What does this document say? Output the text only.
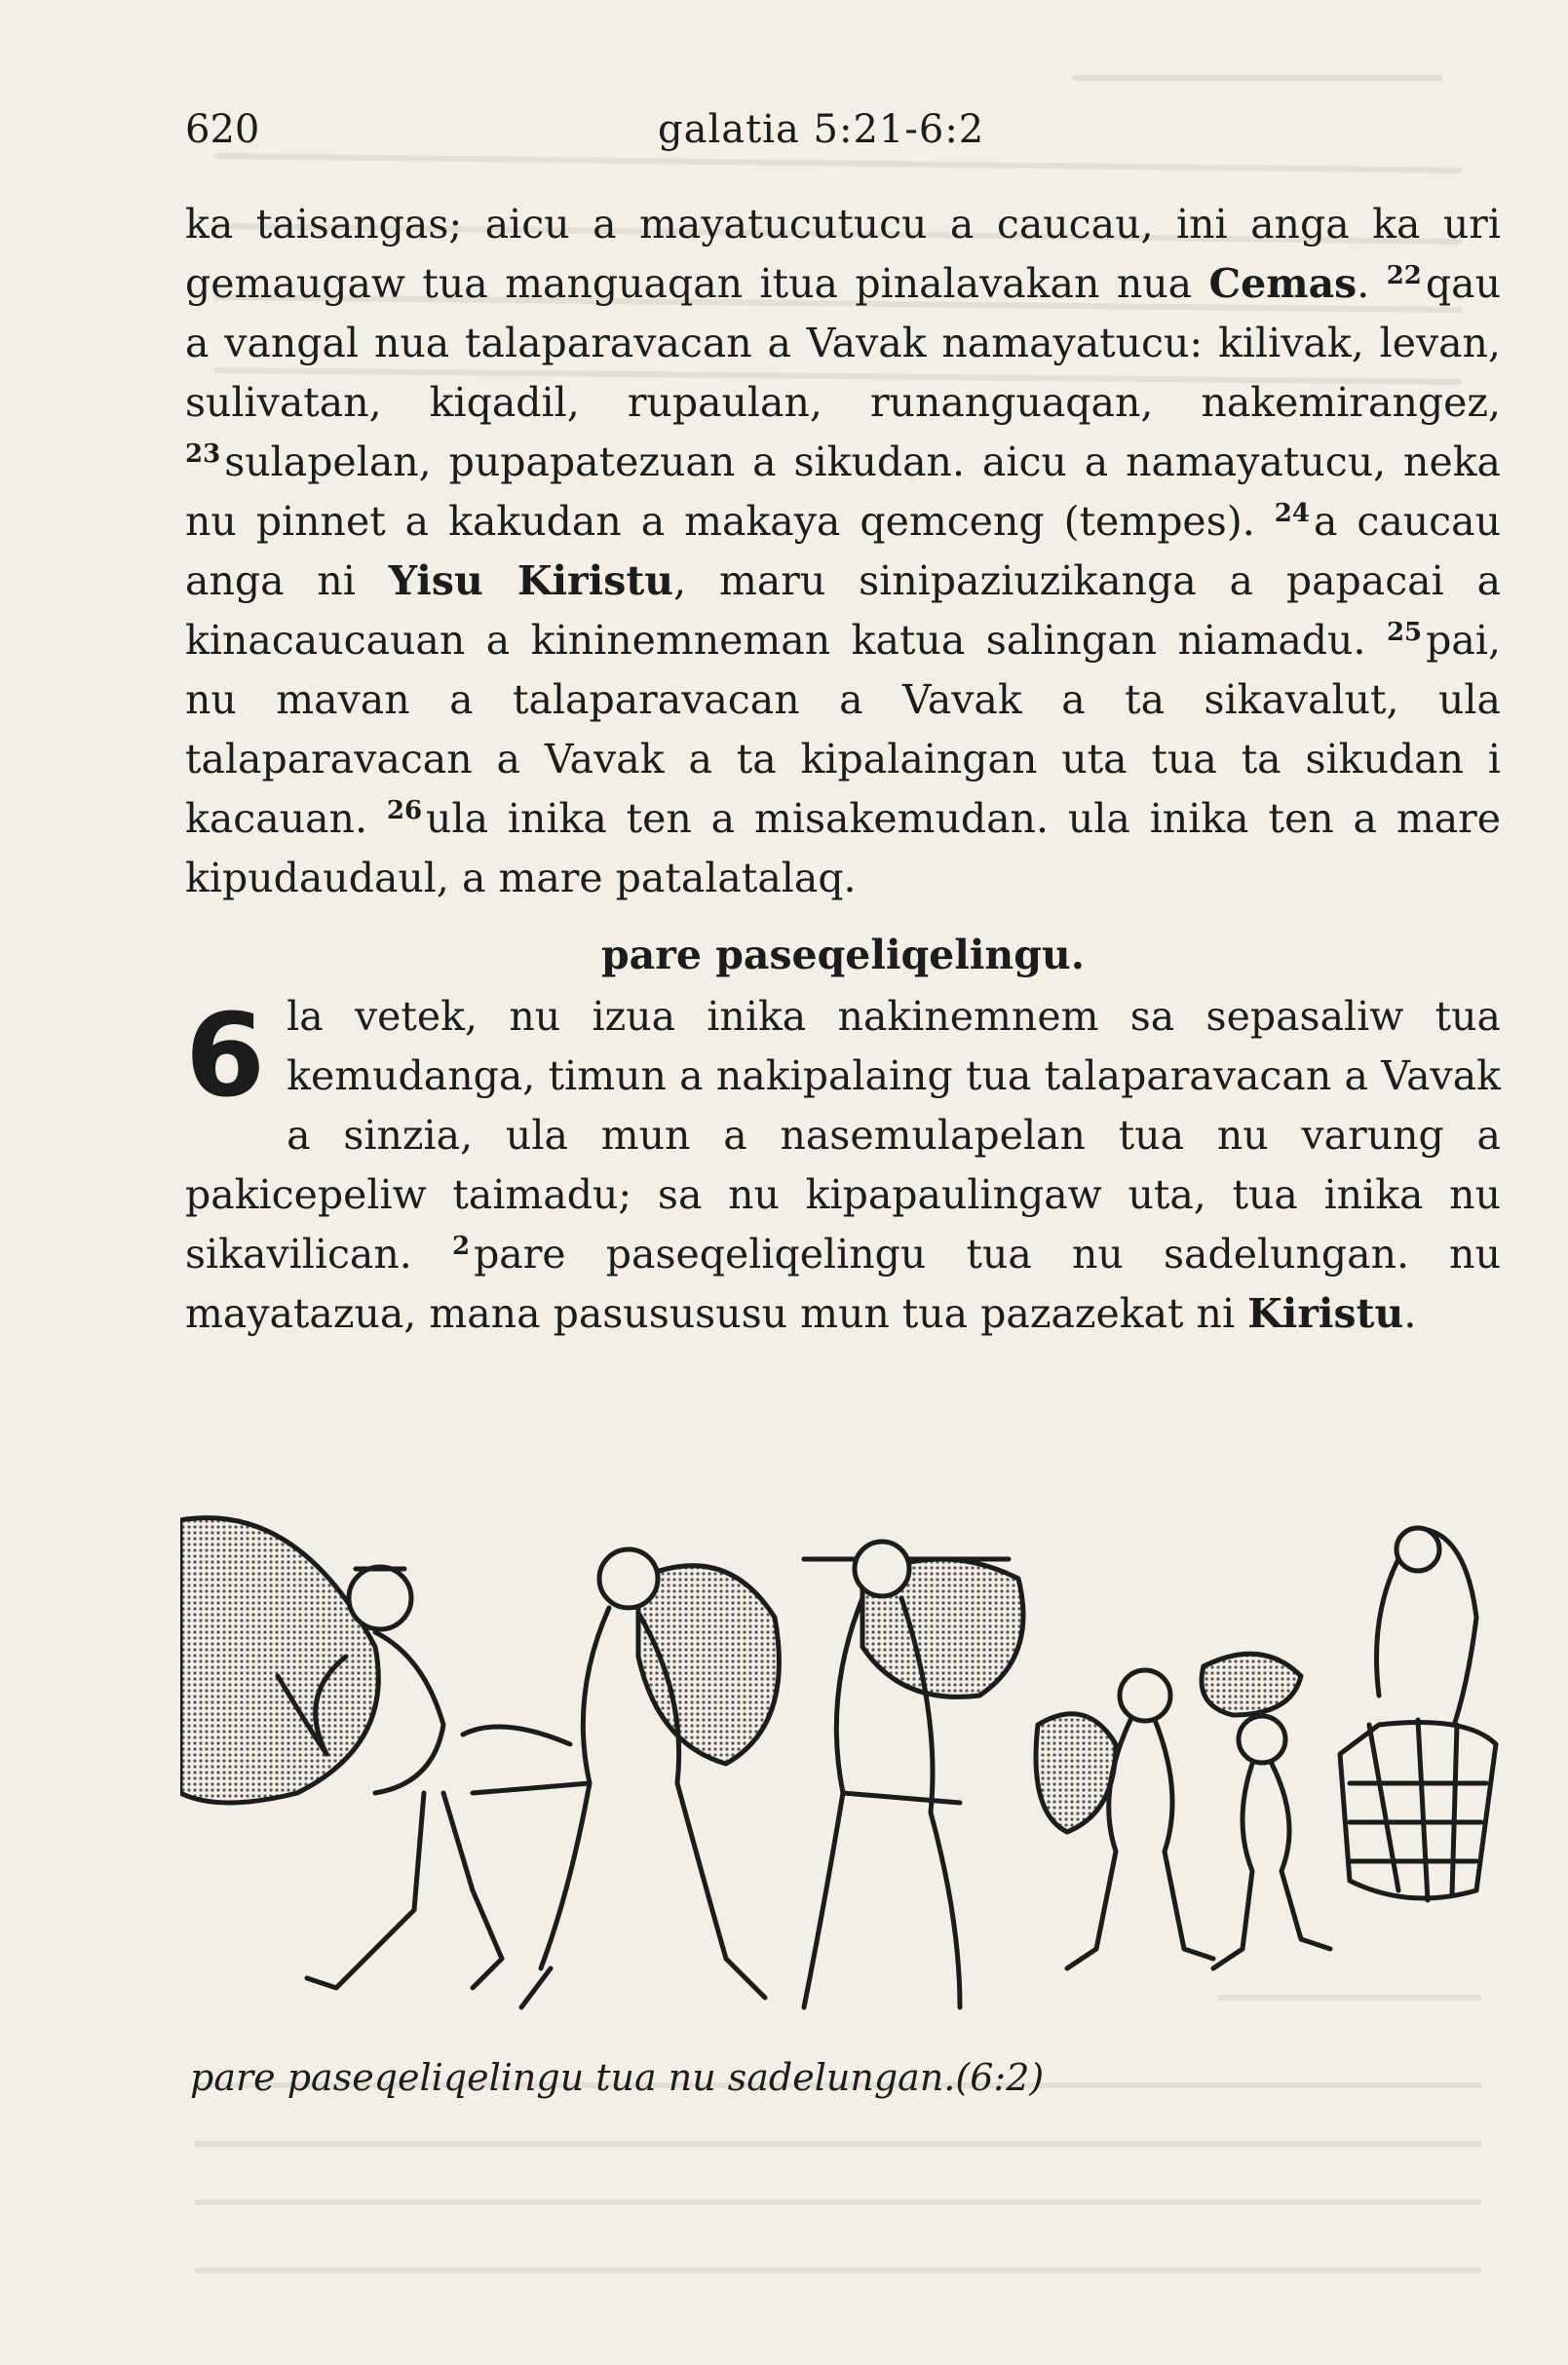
620	galatia 5:21-6:2

ka taisangas; aicu a mayatucutucu a caucau, ini anga ka uri gemaugaw tua manguaqan itua pinalavakan nua Cemas. $^{22}$qau a vangal nua talaparavacan a Vavak namayatucu: kilivak, levan, sulivatan, kiqadil, rupaulan, runanguaqan, nakemirangez, $^{23}$sulapelan, pupapatezuan a sikudan. aicu a namayatucu, neka nu pinnet a kakudan a makaya qemceng (tempes). $^{24}$a caucau anga ni Yisu Kiristu, maru sinipaziuzikanga a papacai a kinacaucauan a kininemneman katua salingan niamadu. $^{25}$pai, nu mavan a talaparavacan a Vavak a ta sikavalut, ula talaparavacan a Vavak a ta kipalaingan uta tua ta sikudan i kacauan. $^{26}$ula inika ten a misakemudan. ula inika ten a mare kipudaudaul, a mare patalatalaq.

pare paseqeliqelingu.
6 la vetek, nu izua inika nakinemnem sa sepasaliw tua kemudanga, timun a nakipalaing tua talaparavacan a Vavak a sinzia, ula mun a nasemulapelan tua nu varung a pakicepeliw taimadu; sa nu kipapaulingaw uta, tua inika nu sikavilican. $^2$pare paseqeliqelingu tua nu sadelungan. nu mayatazua, mana pasusususu mun tua pazazekat ni Kiristu.

pare paseqeliqelingu tua nu sadelungan.(6:2)
